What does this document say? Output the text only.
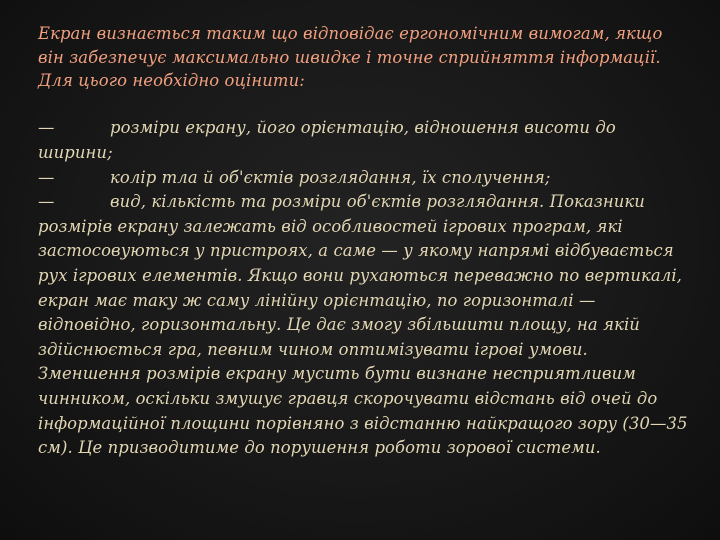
Екран визнається таким що відповідає ергономічним вимогам, якщо він забезпечує максимально швидке і точне сприйняття інформації. Для цього необхідно оцінити:

—	розміри екрану, його орієнтацію, відношення висоти до ширини;

—	колір тла й об'єктів розглядання, їх сполучення;

—	вид, кількість та розміри об'єктів розглядання. Показники розмірів екрану залежать від особливостей ігрових програм, які застосовуються у пристроях, а саме — у якому напрямі відбувається рух ігрових елементів. Якщо вони рухаються переважно по вертикалі, екран має таку ж саму лінійну орієнтацію, по горизонталі — відповідно, горизонтальну. Це дає змогу збільшити площу, на якій здійснюється гра, певним чином оптимізувати ігрові умови. Зменшення розмірів екрану мусить бути визнане несприятливим чинником, оскільки змушує гравця скорочувати відстань від очей до інформаційної площини порівняно з відстанню найкращого зору (30—35 см). Це призводитиме до порушення роботи зорової системи.
